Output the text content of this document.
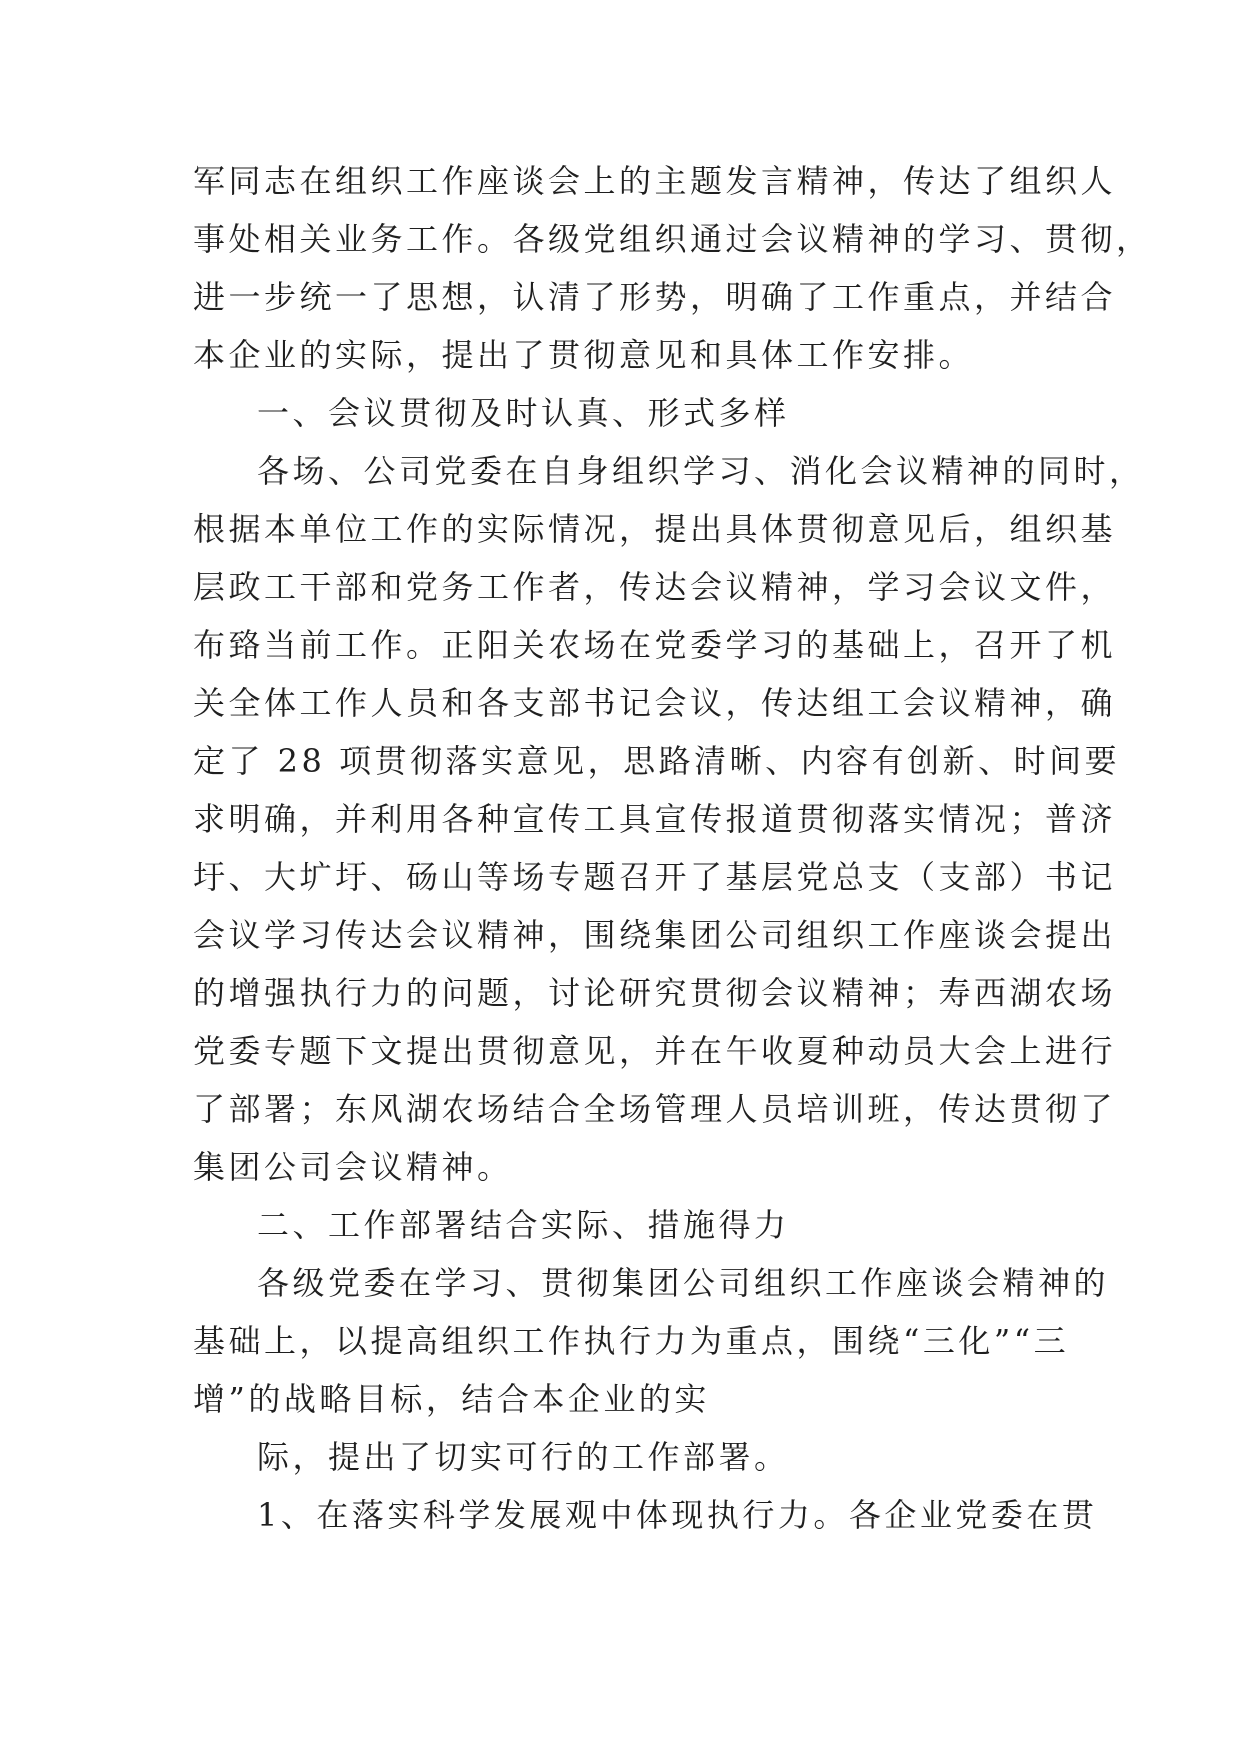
军同志在组织工作座谈会上的主题发言精神，传达了组织人
事处相关业务工作。各级党组织通过会议精神的学习、贯彻，
进一步统一了思想，认清了形势，明确了工作重点，并结合
本企业的实际，提出了贯彻意见和具体工作安排。
一、会议贯彻及时认真、形式多样
各场、公司党委在自身组织学习、消化会议精神的同时，
根据本单位工作的实际情况，提出具体贯彻意见后，组织基
层政工干部和党务工作者，传达会议精神，学习会议文件，
布臵当前工作。正阳关农场在党委学习的基础上，召开了机
关全体工作人员和各支部书记会议，传达组工会议精神，确
定了 28 项贯彻落实意见，思路清晰、内容有创新、时间要
求明确，并利用各种宣传工具宣传报道贯彻落实情况；普济
圩、大圹圩、砀山等场专题召开了基层党总支（支部）书记
会议学习传达会议精神，围绕集团公司组织工作座谈会提出
的增强执行力的问题，讨论研究贯彻会议精神；寿西湖农场
党委专题下文提出贯彻意见，并在午收夏种动员大会上进行
了部署；东风湖农场结合全场管理人员培训班，传达贯彻了
集团公司会议精神。
二、工作部署结合实际、措施得力
各级党委在学习、贯彻集团公司组织工作座谈会精神的
基础上，以提高组织工作执行力为重点，围绕“三化”“三
增”的战略目标，结合本企业的实
际，提出了切实可行的工作部署。
1、在落实科学发展观中体现执行力。各企业党委在贯
